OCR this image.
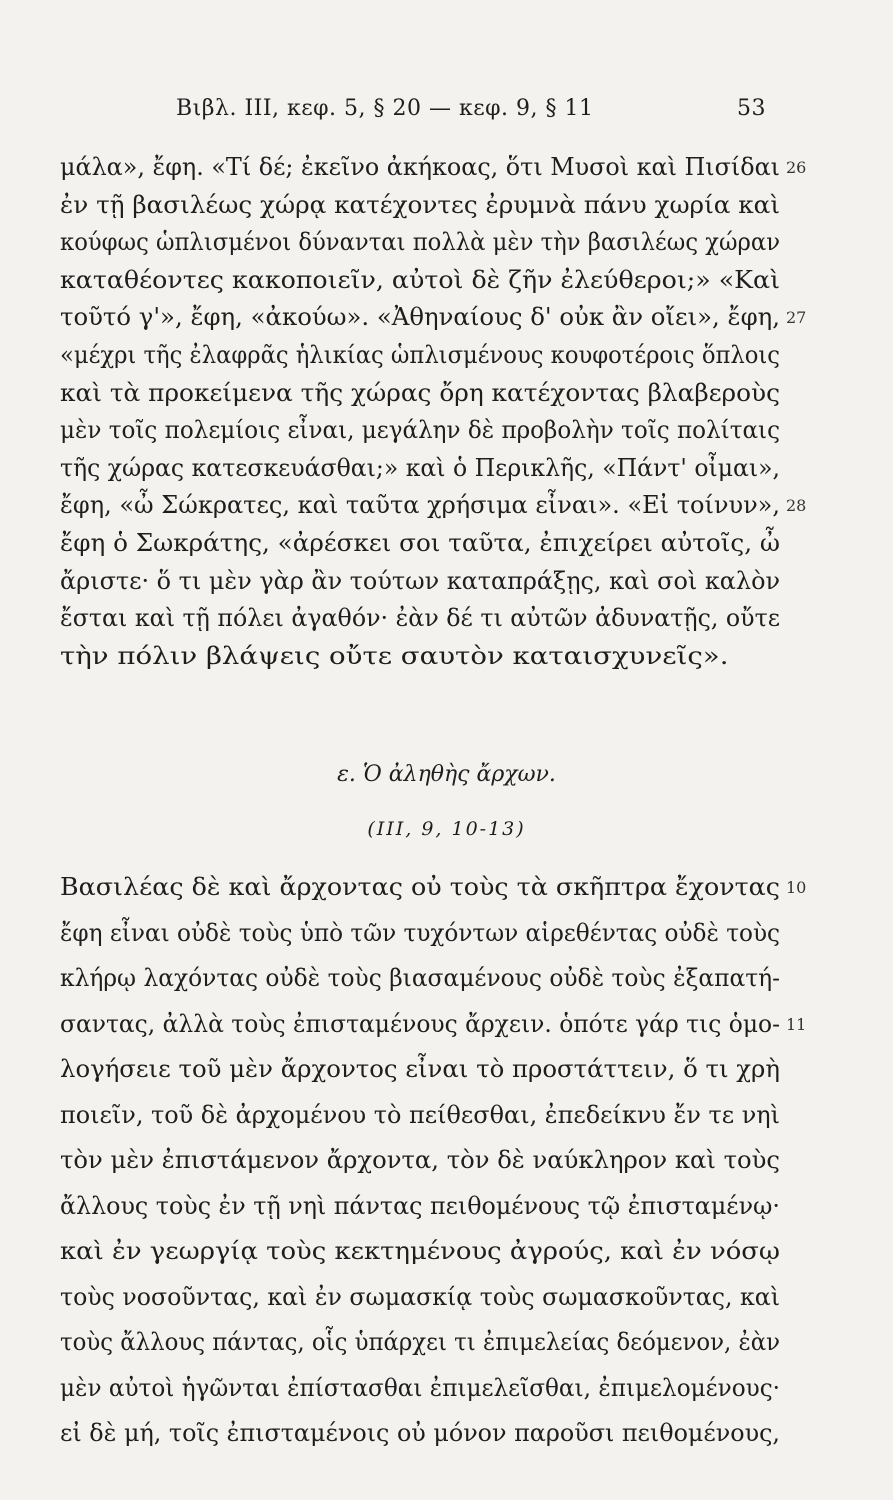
Βιβλ. ΙΙΙ, κεφ. 5, § 20 — κεφ. 9, § 11	53
μάλα», ἔφη. «Τί δέ; ἐκεῖνο ἀκήκοας, ὅτι Μυσοὶ καὶ Πισίδαι
ἐν τῇ βασιλέως χώρᾳ κατέχοντες ἐρυμνὰ πάνυ χωρία καὶ
κούφως ὡπλισμένοι δύνανται πολλὰ μὲν τὴν βασιλέως χώραν
καταθέοντες κακοποιεῖν, αὐτοὶ δὲ ζῆν ἐλεύθεροι;» «Καὶ
τοῦτό γ'», ἔφη, «ἀκούω». «Ἀθηναίους δ' οὐκ ἂν οἴει», ἔφη,
«μέχρι τῆς ἐλαφρᾶς ἡλικίας ὡπλισμένους κουφοτέροις ὅπλοις
καὶ τὰ προκείμενα τῆς χώρας ὄρη κατέχοντας βλαβεροὺς
μὲν τοῖς πολεμίοις εἶναι, μεγάλην δὲ προβολὴν τοῖς πολίταις
τῆς χώρας κατεσκευάσθαι;» καὶ ὁ Περικλῆς, «Πάντ' οἶμαι»,
ἔφη, «ὦ Σώκρατες, καὶ ταῦτα χρήσιμα εἶναι». «Εἰ τοίνυν»,
ἔφη ὁ Σωκράτης, «ἀρέσκει σοι ταῦτα, ἐπιχείρει αὐτοῖς, ὦ
ἄριστε· ὅ τι μὲν γὰρ ἂν τούτων καταπράξῃς, καὶ σοὶ καλὸν
ἔσται καὶ τῇ πόλει ἀγαθόν· ἐὰν δέ τι αὐτῶν ἀδυνατῇς, οὔτε
τὴν πόλιν βλάψεις οὔτε σαυτὸν καταισχυνεῖς».
26
27
28
ε. Ὁ ἀληθὴς ἄρχων.
(ΙΙΙ, 9, 10-13)
Βασιλέας δὲ καὶ ἄρχοντας οὐ τοὺς τὰ σκῆπτρα ἔχοντας
ἔφη εἶναι οὐδὲ τοὺς ὑπὸ τῶν τυχόντων αἱρεθέντας οὐδὲ τοὺς
κλήρῳ λαχόντας οὐδὲ τοὺς βιασαμένους οὐδὲ τοὺς ἐξαπατή-
σαντας, ἀλλὰ τοὺς ἐπισταμένους ἄρχειν. ὁπότε γάρ τις ὁμο-
λογήσειε τοῦ μὲν ἄρχοντος εἶναι τὸ προστάττειν, ὅ τι χρὴ
ποιεῖν, τοῦ δὲ ἀρχομένου τὸ πείθεσθαι, ἐπεδείκνυ ἔν τε νηὶ
τὸν μὲν ἐπιστάμενον ἄρχοντα, τὸν δὲ ναύκληρον καὶ τοὺς
ἄλλους τοὺς ἐν τῇ νηὶ πάντας πειθομένους τῷ ἐπισταμένῳ·
καὶ ἐν γεωργίᾳ τοὺς κεκτημένους ἀγρούς, καὶ ἐν νόσῳ
τοὺς νοσοῦντας, καὶ ἐν σωμασκίᾳ τοὺς σωμασκοῦντας, καὶ
τοὺς ἄλλους πάντας, οἷς ὑπάρχει τι ἐπιμελείας δεόμενον, ἐὰν
μὲν αὐτοὶ ἡγῶνται ἐπίστασθαι ἐπιμελεῖσθαι, ἐπιμελομένους·
εἰ δὲ μή, τοῖς ἐπισταμένοις οὐ μόνον παροῦσι πειθομένους,
10
11
